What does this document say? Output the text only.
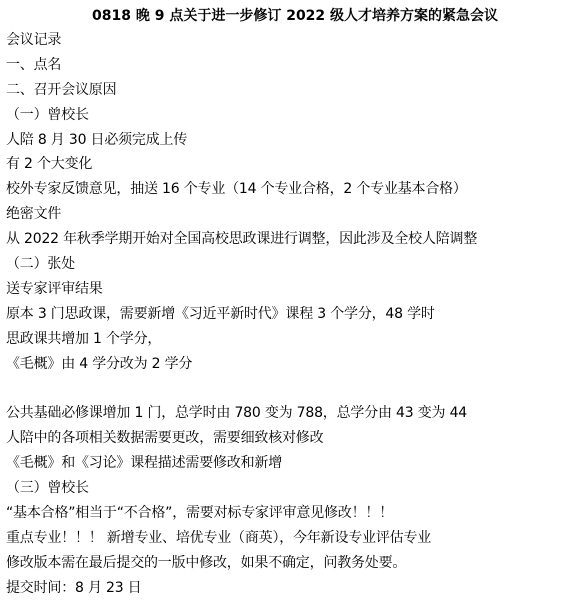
0818 晚 9 点关于进一步修订 2022 级人才培养方案的紧急会议
会议记录
一、点名
二、召开会议原因
（一）曾校长
人陪 8 月 30 日必须完成上传
有 2 个大变化
校外专家反馈意见，抽送 16 个专业（14 个专业合格，2 个专业基本合格）
绝密文件
从 2022 年秋季学期开始对全国高校思政课进行调整，因此涉及全校人陪调整
（二）张处
送专家评审结果
原本 3 门思政课，需要新增《习近平新时代》课程 3 个学分，48 学时
思政课共增加 1 个学分，
《毛概》由 4 学分改为 2 学分
公共基础必修课增加 1 门，总学时由 780 变为 788，总学分由 43 变为 44
人陪中的各项相关数据需要更改，需要细致核对修改
《毛概》和《习论》课程描述需要修改和新增
（三）曾校长
“基本合格”相当于“不合格”，需要对标专家评审意见修改！！！
重点专业！！！ 新增专业、培优专业（商英），今年新设专业评估专业
修改版本需在最后提交的一版中修改，如果不确定，问教务处要。
提交时间：8 月 23 日
